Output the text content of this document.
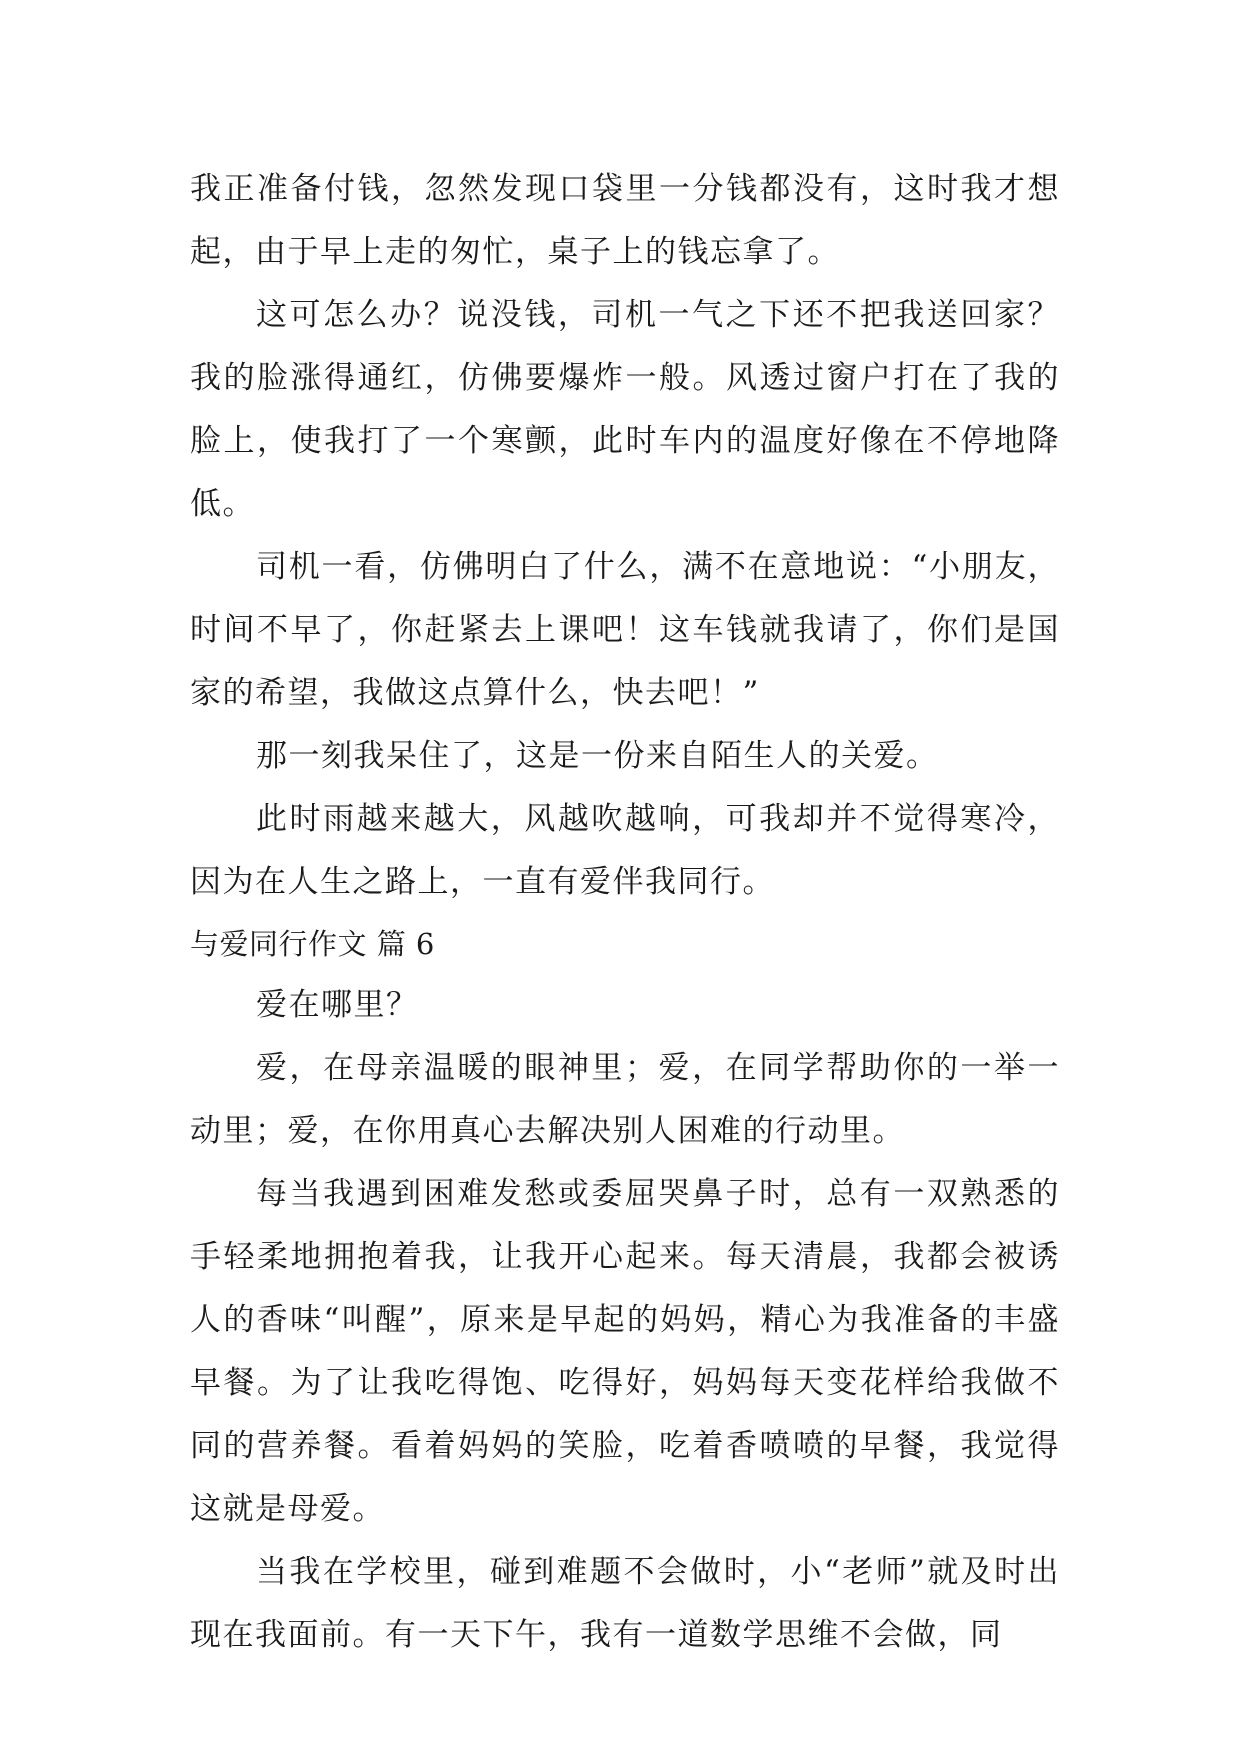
我正准备付钱，忽然发现口袋里一分钱都没有，这时我才想起，由于早上走的匆忙，桌子上的钱忘拿了。

这可怎么办？说没钱，司机一气之下还不把我送回家？我的脸涨得通红，仿佛要爆炸一般。风透过窗户打在了我的脸上，使我打了一个寒颤，此时车内的温度好像在不停地降低。

司机一看，仿佛明白了什么，满不在意地说：“小朋友，时间不早了，你赶紧去上课吧！这车钱就我请了，你们是国家的希望，我做这点算什么，快去吧！”

那一刻我呆住了，这是一份来自陌生人的关爱。

此时雨越来越大，风越吹越响，可我却并不觉得寒冷，因为在人生之路上，一直有爱伴我同行。

与爱同行作文 篇 6

爱在哪里？

爱，在母亲温暖的眼神里；爱，在同学帮助你的一举一动里；爱，在你用真心去解决别人困难的行动里。

每当我遇到困难发愁或委屈哭鼻子时，总有一双熟悉的手轻柔地拥抱着我，让我开心起来。每天清晨，我都会被诱人的香味“叫醒”，原来是早起的妈妈，精心为我准备的丰盛早餐。为了让我吃得饱、吃得好，妈妈每天变花样给我做不同的营养餐。看着妈妈的笑脸，吃着香喷喷的早餐，我觉得这就是母爱。

当我在学校里，碰到难题不会做时，小“老师”就及时出现在我面前。有一天下午，我有一道数学思维不会做，同
